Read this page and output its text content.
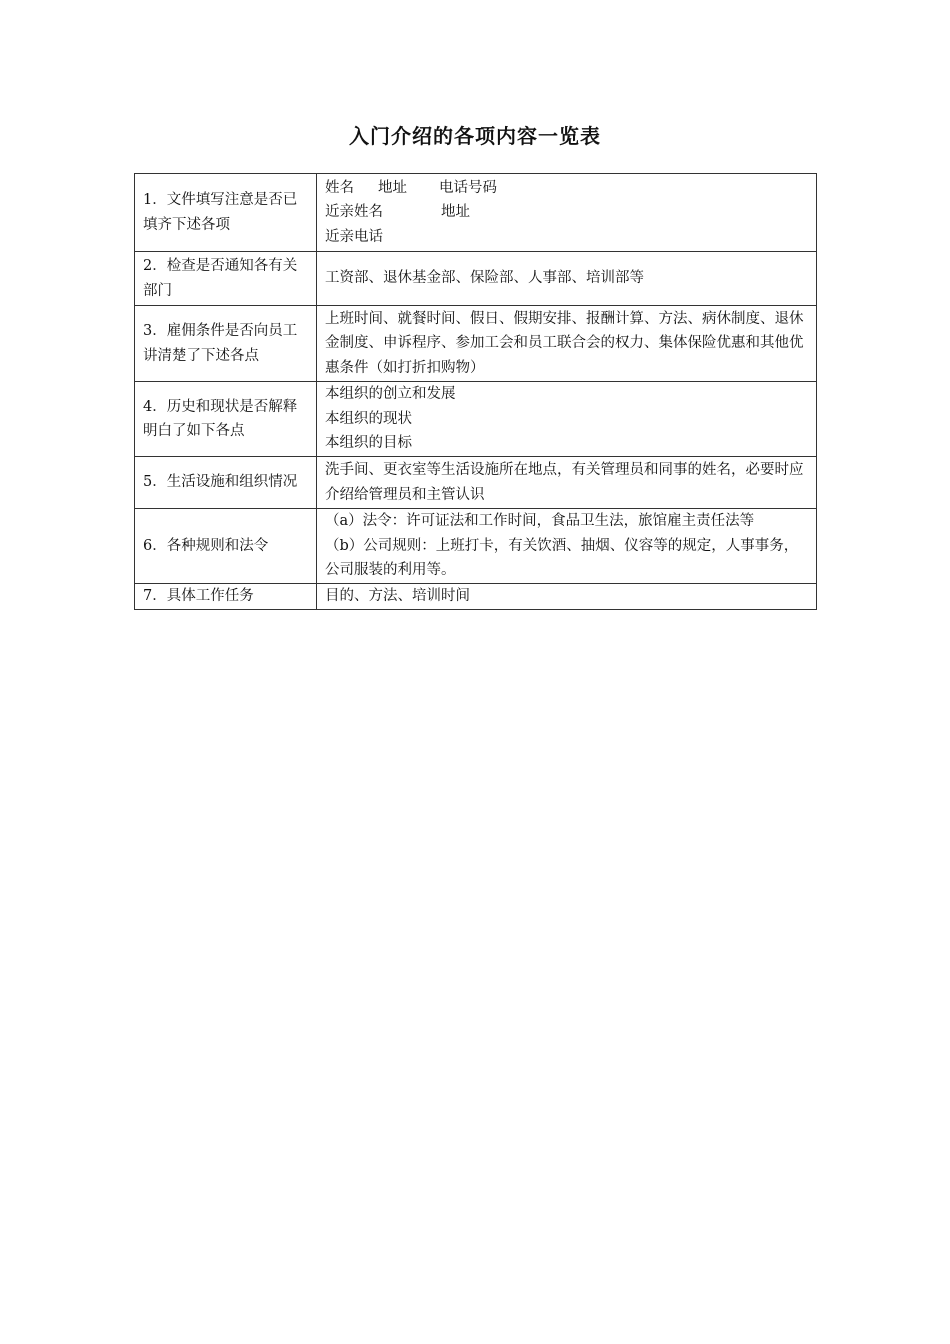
入门介绍的各项内容一览表
1．文件填写注意是否已填齐下述各项	姓名 地址 电话号码
近亲姓名 地址
近亲电话

2．检查是否通知各有关部门	工资部、退休基金部、保险部、人事部、培训部等
3．雇佣条件是否向员工讲清楚了下述各点	上班时间、就餐时间、假日、假期安排、报酬计算、方法、病休制度、退休金制度、申诉程序、参加工会和员工联合会的权力、集体保险优惠和其他优惠条件（如打折扣购物）
4．历史和现状是否解释明白了如下各点	本组织的创立和发展
本组织的现状
本组织的目标

5．生活设施和组织情况	洗手间、更衣室等生活设施所在地点，有关管理员和同事的姓名，必要时应介绍给管理员和主管认识
6．各种规则和法令	（a）法令：许可证法和工作时间，食品卫生法，旅馆雇主责任法等
（b）公司规则：上班打卡，有关饮酒、抽烟、仪容等的规定，人事事务，公司服装的利用等。

7．具体工作任务	目的、方法、培训时间
